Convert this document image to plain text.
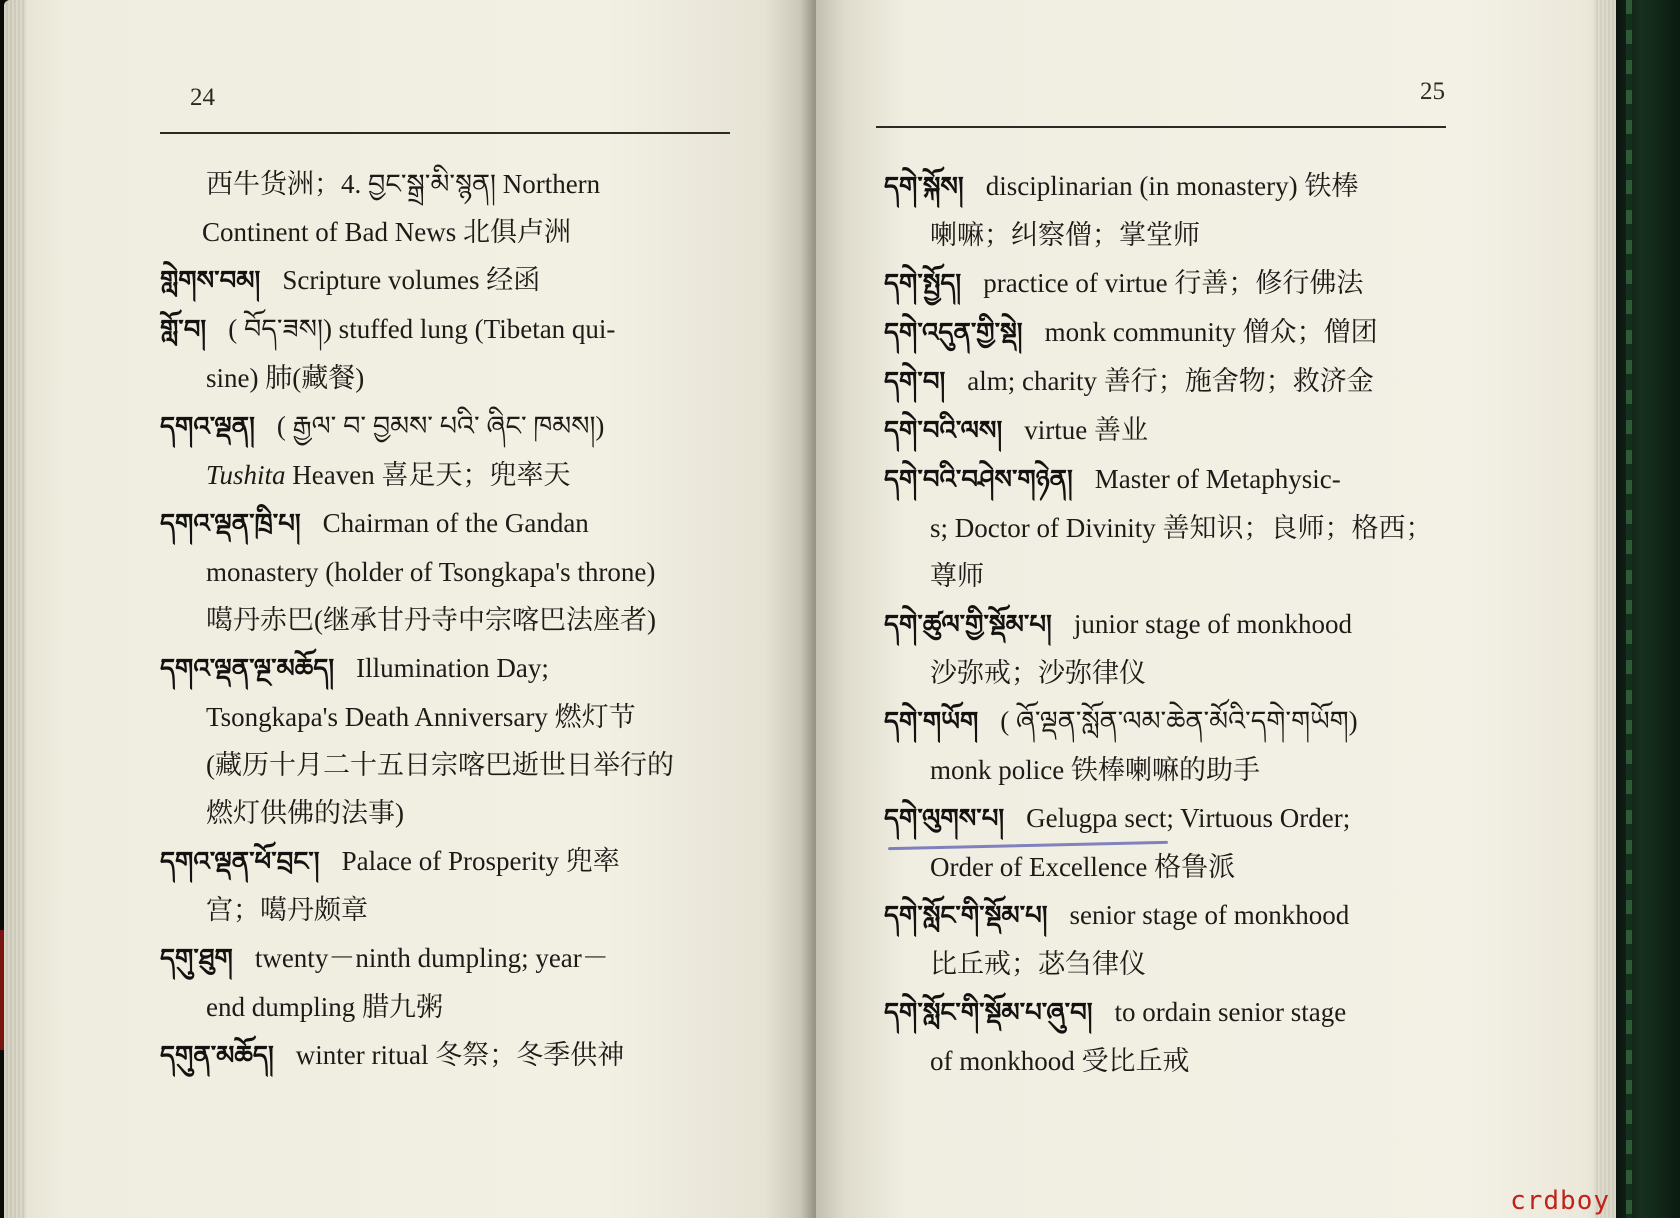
24
西牛货洲；4. བྱང་སྒྲ་མི་སྙན། Northern
Continent of Bad News 北俱卢洲
གླེགས་བམ། Scripture volumes 经函
གློ་བ། ( བོད་ཟས།) stuffed lung (Tibetan qui-
sine) 肺(藏餐)
དགའ་ལྡན། ( རྒྱལ་ བ་ བྱམས་ པའི་ ཞིང་ ཁམས།)
Tushita Heaven 喜足天；兜率天
དགའ་ལྡན་ཁྲི་པ། Chairman of the Gandan
monastery (holder of Tsongkapa's throne)
噶丹赤巴(继承甘丹寺中宗喀巴法座者)
དགའ་ལྡན་ལྔ་མཆོད། Illumination Day;
Tsongkapa's Death Anniversary 燃灯节
(藏历十月二十五日宗喀巴逝世日举行的
燃灯供佛的法事)
དགའ་ལྡན་ཕོ་བྲང་། Palace of Prosperity 兜率
宫；噶丹颇章
དགུ་ཐུག twenty－ninth dumpling; year－
end dumpling 腊九粥
དགུན་མཆོད། winter ritual 冬祭；冬季供神
25
དགེ་སྐོས། disciplinarian (in monastery) 铁棒
喇嘛；纠察僧；掌堂师
དགེ་སྤྱོད། practice of virtue 行善；修行佛法
དགེ་འདུན་གྱི་སྡེ། monk community 僧众；僧团
དགེ་བ། alm; charity 善行；施舍物；救济金
དགེ་བའི་ལས། virtue 善业
དགེ་བའི་བཤེས་གཉེན། Master of Metaphysic-
s; Doctor of Divinity 善知识；良师；格西；
尊师
དགེ་ཚུལ་གྱི་སྡོམ་པ། junior stage of monkhood
沙弥戒；沙弥律仪
དགེ་གཡོག ( ཞོ་ལྡན་སློན་ལམ་ཆེན་མོའི་དགེ་གཡོག)
monk police 铁棒喇嘛的助手
དགེ་ལུགས་པ། Gelugpa sect; Virtuous Order;
Order of Excellence 格鲁派
དགེ་སློང་གི་སྡོམ་པ། senior stage of monkhood
比丘戒；苾刍律仪
དགེ་སློང་གི་སྡོམ་པ་ཞུ་བ། to ordain senior stage
of monkhood 受比丘戒
crdboy
